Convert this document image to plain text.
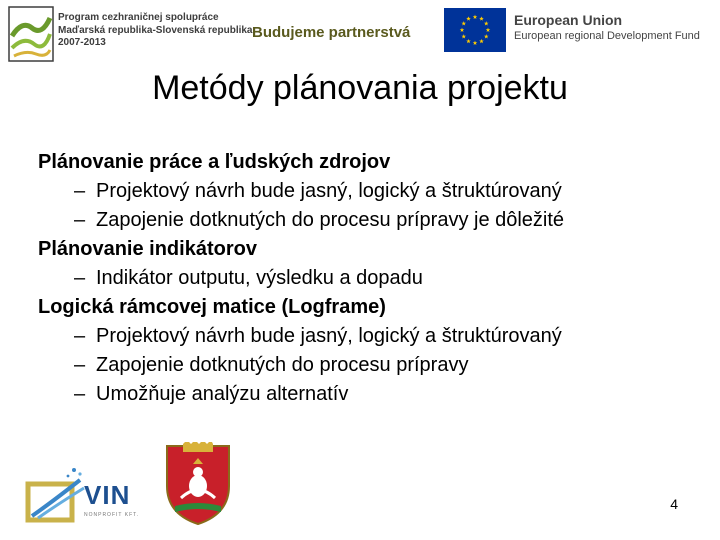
Program cezhraničnej spolupráce
Maďarská republika-Slovenská republika
2007-2013
Budujeme partnerstvá
European Union
European regional Development Fund
Metódy plánovania projektu
Plánovanie práce a ľudských zdrojov
– Projektový návrh bude jasný, logický a štruktúrovaný
– Zapojenie dotknutých do procesu prípravy je dôležité
Plánovanie indikátorov
– Indikátor outputu, výsledku a dopadu
Logická rámcovej matice (Logframe)
– Projektový návrh bude jasný, logický a štruktúrovaný
– Zapojenie dotknutých do procesu prípravy
– Umožňuje analýzu alternatív
VIN
NONPROFIT KFT.
4
